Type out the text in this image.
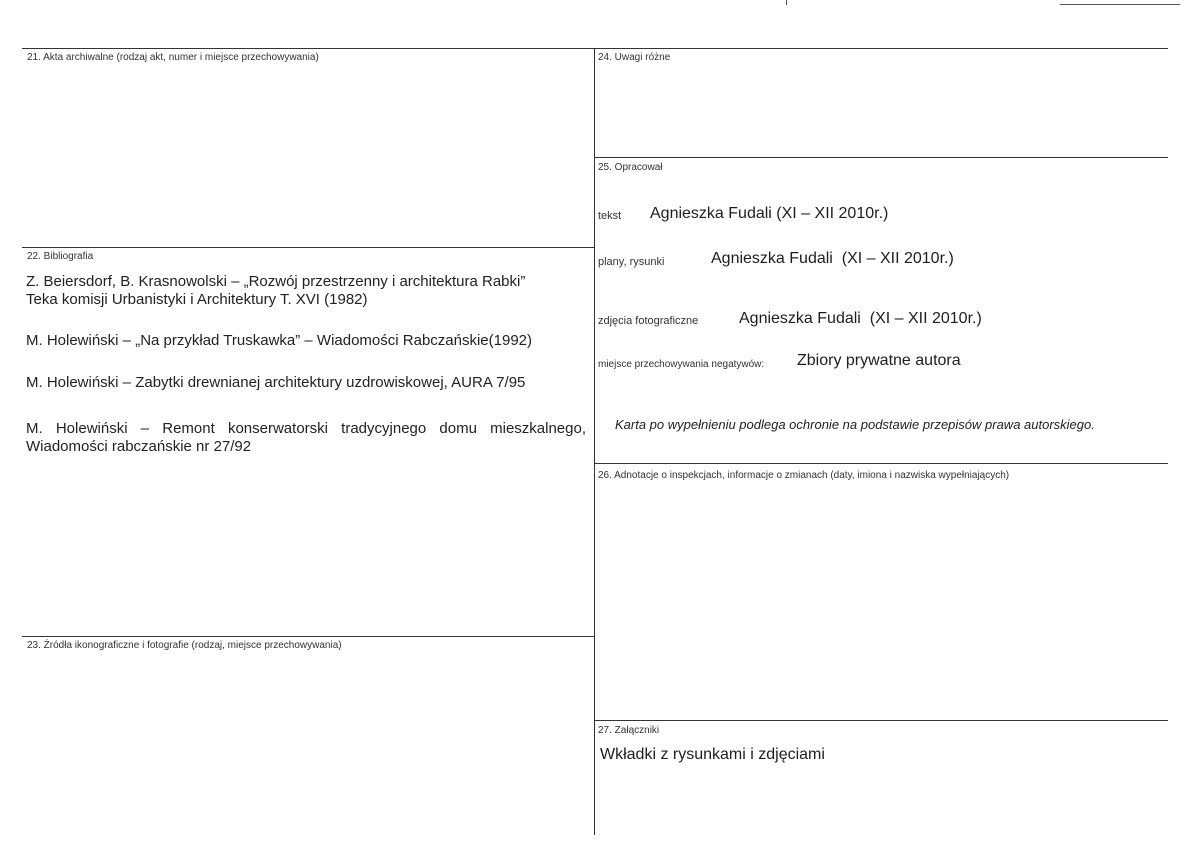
21. Akta archiwalne (rodzaj akt, numer i miejsce przechowywania)
22. Bibliografia
Z. Beiersdorf, B. Krasnowolski – „Rozwój przestrzenny i architektura Rabki”
Teka komisji Urbanistyki i Architektury T. XVI (1982)
M. Holewiński – „Na przykład Truskawka” – Wiadomości Rabczańskie(1992)
M. Holewiński – Zabytki drewnianej architektury uzdrowiskowej, AURA 7/95
M. Holewiński – Remont konserwatorski tradycyjnego domu mieszkalnego,
Wiadomości rabczańskie nr 27/92
23. Źródła ikonograficzne i fotografie (rodzaj, miejsce przechowywania)
24. Uwagi różne
25. Opracował
tekst Agnieszka Fudali (XI – XII 2010r.)
plany, rysunki	Agnieszka Fudali  (XI – XII 2010r.)
zdjęcia fotograficzne	Agnieszka Fudali  (XI – XII 2010r.)
miejsce przechowywania negatywów: Zbiory prywatne autora
Karta po wypełnieniu podlega ochronie na podstawie przepisów prawa autorskiego.
26. Adnotacje o inspekcjach, informacje o zmianach (daty, imiona i nazwiska wypełniających)
27. Załączniki
Wkładki z rysunkami i zdjęciami
